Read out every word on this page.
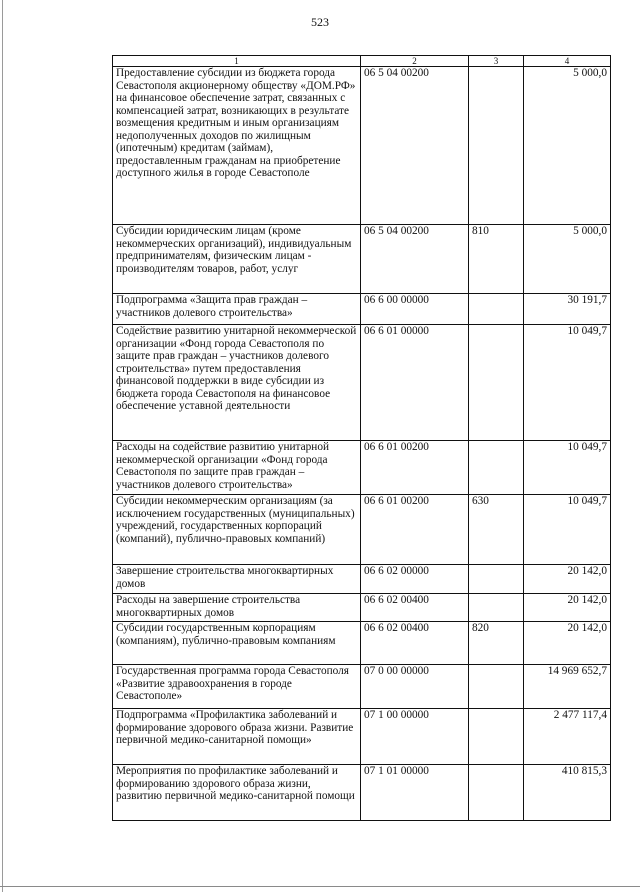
523
1	2	3	4
Предоставление субсидии из бюджета города Севастополя акционерному обществу «ДОМ.РФ» на финансовое обеспечение затрат, связанных с компенсацией затрат, возникающих в результате возмещения кредитным и иным организациям недополученных доходов по жилищным (ипотечным) кредитам (займам), предоставленным гражданам на приобретение доступного жилья в городе Севастополе	06 5 04 00200		5 000,0
Субсидии юридическим лицам (кроме некоммерческих организаций), индивидуальным предпринимателям, физическим лицам - производителям товаров, работ, услуг	06 5 04 00200	810	5 000,0
Подпрограмма «Защита прав граждан – участников долевого строительства»	06 6 00 00000		30 191,7
Содействие развитию унитарной некоммерческой организации «Фонд города Севастополя по защите прав граждан – участников долевого строительства» путем предоставления финансовой поддержки в виде субсидии из бюджета города Севастополя на финансовое обеспечение уставной деятельности	06 6 01 00000		10 049,7
Расходы на содействие развитию унитарной некоммерческой организации «Фонд города Севастополя по защите прав граждан – участников долевого строительства»	06 6 01 00200		10 049,7
Субсидии некоммерческим организациям (за исключением государственных (муниципальных) учреждений, государственных корпораций (компаний), публично-правовых компаний)	06 6 01 00200	630	10 049,7
Завершение строительства многоквартирных домов	06 6 02 00000		20 142,0
Расходы на завершение строительства многоквартирных домов	06 6 02 00400		20 142,0
Субсидии государственным корпорациям (компаниям), публично-правовым компаниям	06 6 02 00400	820	20 142,0
Государственная программа города Севастополя «Развитие здравоохранения в городе Севастополе»	07 0 00 00000		14 969 652,7
Подпрограмма «Профилактика заболеваний и формирование здорового образа жизни. Развитие первичной медико-санитарной помощи»	07 1 00 00000		2 477 117,4
Мероприятия по профилактике заболеваний и формированию здорового образа жизни, развитию первичной медико-санитарной помощи	07 1 01 00000		410 815,3
